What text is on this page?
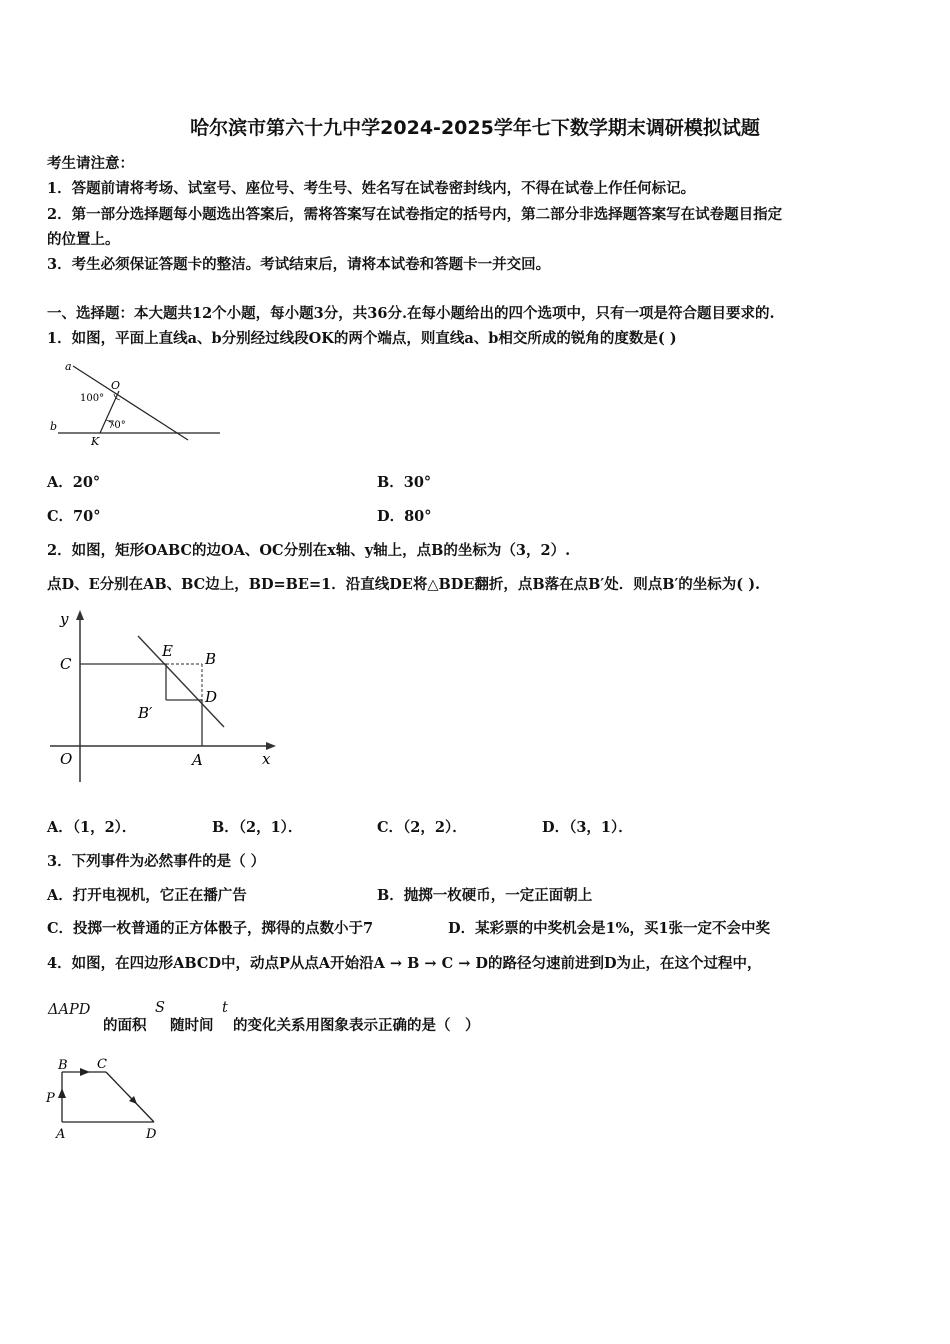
哈尔滨市第六十九中学2024-2025学年七下数学期末调研模拟试题
考生请注意：
1．答题前请将考场、试室号、座位号、考生号、姓名写在试卷密封线内，不得在试卷上作任何标记。
2．第一部分选择题每小题选出答案后，需将答案写在试卷指定的括号内，第二部分非选择题答案写在试卷题目指定
的位置上。
3．考生必须保证答题卡的整洁。考试结束后，请将本试卷和答题卡一并交回。
一、选择题：本大题共12个小题，每小题3分，共36分.在每小题给出的四个选项中，只有一项是符合题目要求的.
1．如图，平面上直线a、b分别经过线段OK的两个端点，则直线a、b相交所成的锐角的度数是( )
a
O
100°
70°
b
K
A．20°	B．30°
C．70°	D．80°
2．如图，矩形OABC的边OA、OC分别在x轴、y轴上，点B的坐标为（3，2）.
点D、E分别在AB、BC边上，BD=BE=1．沿直线DE将△BDE翻折，点B落在点B′处．则点B′的坐标为( ).
y
x
C
E B
D
B′
O	A
A．（1，2）．	B．（2，1）．	C．（2，2）．	D．（3，1）．
3．下列事件为必然事件的是（ ）
A．打开电视机，它正在播广告	B．抛掷一枚硬币，一定正面朝上
C．投掷一枚普通的正方体骰子，掷得的点数小于7	D．某彩票的中奖机会是1%，买1张一定不会中奖
4．如图，在四边形ABCD中，动点P从点A开始沿A → B → C → D的路径匀速前进到D为止，在这个过程中，
ΔAPD
的面积
S
随时间
t
的变化关系用图象表示正确的是（　）
B C
P
A	D
